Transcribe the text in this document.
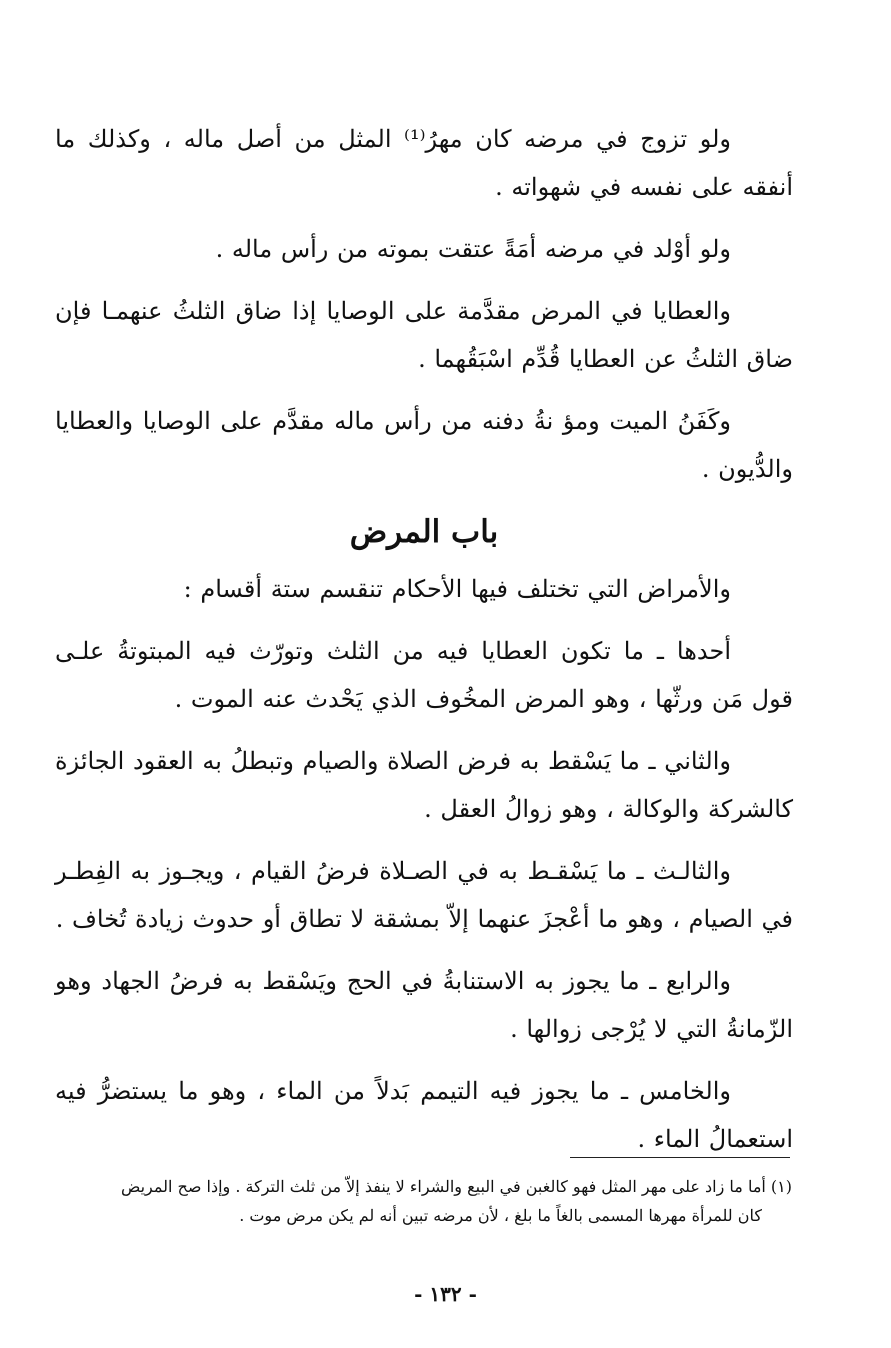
ولو تزوج في مرضه كان مهرُ⁽¹⁾ المثل من أصل ماله ، وكذلك ما أنفقه على نفسه في شهواته .

ولو أوْلد في مرضه أمَةً عتقت بموته من رأس ماله .

والعطايا في المرض مقدَّمة على الوصايا إذا ضاق الثلثُ عنهمـا فإن ضاق الثلثُ عن العطايا قُدِّم اسْبَقُهما .

وكَفَنُ الميت ومؤ نةُ دفنه من رأس ماله مقدَّم على الوصايا والعطايا والدُّيون .

باب المرض

والأمراض التي تختلف فيها الأحكام تنقسم ستة أقسام :

أحدها ـ ما تكون العطايا فيه من الثلث وتورّث فيه المبتوتةُ علـى قول مَن ورثّها ، وهو المرض المخُوف الذي يَحْدث عنه الموت .

والثاني ـ ما يَسْقط به فرض الصلاة والصيام وتبطلُ به العقود الجائزة كالشركة والوكالة ، وهو زوالُ العقل .

والثالـث ـ ما يَسْقـط به في الصـلاة فرضُ القيام ، ويجـوز به الفِطـر في الصيام ، وهو ما أعْجزَ عنهما إلاّ بمشقة لا تطاق أو حدوث زيادة تُخاف .

والرابع ـ ما يجوز به الاستنابةُ في الحج ويَسْقط به فرضُ الجهاد وهو الزّمانةُ التي لا يُرْجى زوالها .

والخامس ـ ما يجوز فيه التيمم بَدلاً من الماء ، وهو ما يستضرُّ فيه استعمالُ الماء .

(١) أما ما زاد على مهر المثل فهو كالغبن في البيع والشراء لا ينفذ إلاّ من ثلث التركة . وإذا صح المريض
كان للمرأة مهرها المسمى بالغاً ما بلغ ، لأن مرضه تبين أنه لم يكن مرض موت .
- ١٣٢ -
